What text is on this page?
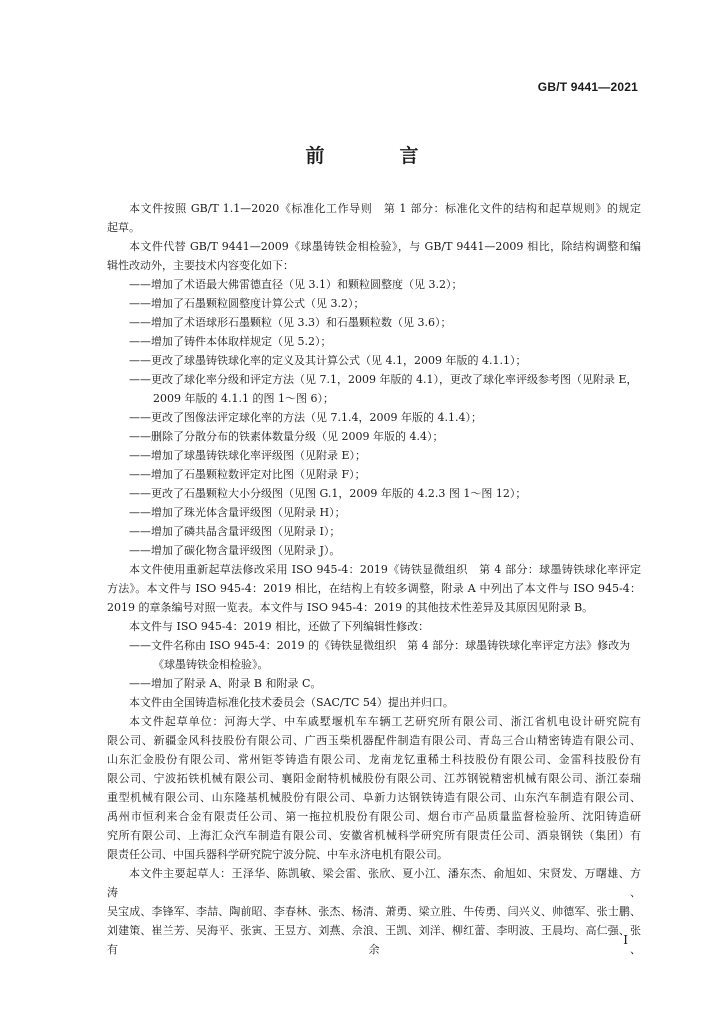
GB/T 9441—2021
前　言

本文件按照 GB/T 1.1—2020《标准化工作导则　第 1 部分：标准化文件的结构和起草规则》的规定

起草。

本文件代替 GB/T 9441—2009《球墨铸铁金相检验》，与 GB/T 9441—2009 相比，除结构调整和编

辑性改动外，主要技术内容变化如下：

——增加了术语最大佛雷德直径（见 3.1）和颗粒圆整度（见 3.2）；

——增加了石墨颗粒圆整度计算公式（见 3.2）；

——增加了术语球形石墨颗粒（见 3.3）和石墨颗粒数（见 3.6）；

——增加了铸件本体取样规定（见 5.2）；

——更改了球墨铸铁球化率的定义及其计算公式（见 4.1，2009 年版的 4.1.1）；

——更改了球化率分级和评定方法（见 7.1，2009 年版的 4.1），更改了球化率评级参考图（见附录 E，

2009 年版的 4.1.1 的图 1～图 6）；

——更改了图像法评定球化率的方法（见 7.1.4，2009 年版的 4.1.4）；

——删除了分散分布的铁素体数量分级（见 2009 年版的 4.4）；

——增加了球墨铸铁球化率评级图（见附录 E）；

——增加了石墨颗粒数评定对比图（见附录 F）；

——更改了石墨颗粒大小分级图（见图 G.1，2009 年版的 4.2.3 图 1～图 12）；

——增加了珠光体含量评级图（见附录 H）；

——增加了磷共晶含量评级图（见附录 I）；

——增加了碳化物含量评级图（见附录 J）。

本文件使用重新起草法修改采用 ISO 945-4：2019《铸铁显微组织　第 4 部分：球墨铸铁球化率评定

方法》。本文件与 ISO 945-4：2019 相比，在结构上有较多调整，附录 A 中列出了本文件与 ISO 945-4：

2019 的章条编号对照一览表。本文件与 ISO 945-4：2019 的其他技术性差异及其原因见附录 B。

本文件与 ISO 945-4：2019 相比，还做了下列编辑性修改：

——文件名称由 ISO 945-4：2019 的《铸铁显微组织　第 4 部分：球墨铸铁球化率评定方法》修改为

《球墨铸铁金相检验》。

——增加了附录 A、附录 B 和附录 C。

本文件由全国铸造标准化技术委员会（SAC/TC 54）提出并归口。

本文件起草单位：河海大学、中车戚墅堰机车车辆工艺研究所有限公司、浙江省机电设计研究院有

限公司、新疆金风科技股份有限公司、广西玉柴机器配件制造有限公司、青岛三合山精密铸造有限公司、

山东汇金股份有限公司、常州钜苓铸造有限公司、龙南龙钇重稀土科技股份有限公司、金雷科技股份有

限公司、宁波拓铁机械有限公司、襄阳金耐特机械股份有限公司、江苏钢锐精密机械有限公司、浙江泰瑞

重型机械有限公司、山东隆基机械股份有限公司、阜新力达钢铁铸造有限公司、山东汽车制造有限公司、

禹州市恒利来合金有限责任公司、第一拖拉机股份有限公司、烟台市产品质量监督检验所、沈阳铸造研

究所有限公司、上海汇众汽车制造有限公司、安徽省机械科学研究所有限责任公司、酒泉钢铁（集团）有

限责任公司、中国兵器科学研究院宁波分院、中车永济电机有限公司。

本文件主要起草人：王泽华、陈凯敏、梁会雷、张欣、夏小江、潘东杰、俞旭如、宋贤发、万曙雄、方涛、

吴宝成、李锋军、李喆、陶前昭、李春林、张杰、杨清、萧勇、梁立胜、牛传勇、闫兴义、帅德军、张士鹏、

刘建策、崔兰芳、吴海平、张寅、王昱方、刘燕、佘浪、王凯、刘洋、柳红蕾、李明波、王晨均、高仁强、张有余、

I
